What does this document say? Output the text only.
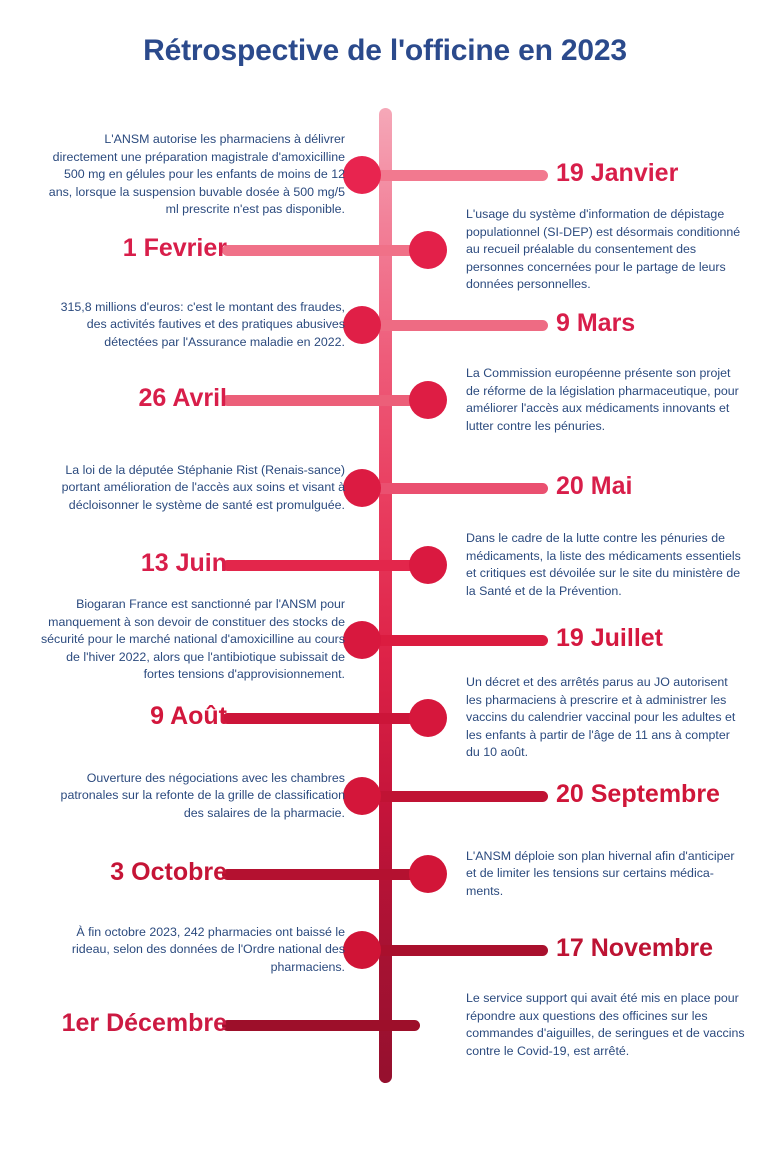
Rétrospective de l'officine en 2023
19 Janvier
L'ANSM autorise les pharmaciens à délivrer directement une préparation magistrale d'amoxicilline 500 mg en gélules pour les enfants de moins de 12 ans, lorsque la suspension buvable dosée à 500 mg/5 ml prescrite n'est pas disponible.
1 Fevrier
L'usage du système d'information de dépistage populationnel (SI-DEP) est désormais conditionné au recueil préalable du consentement des personnes concernées pour le partage de leurs données personnelles.
9 Mars
315,8 millions d'euros: c'est le montant des fraudes, des activités fautives et des pratiques abusives détectées par l'Assurance maladie en 2022.
26 Avril
La Commission européenne présente son projet de réforme de la législation pharmaceutique, pour améliorer l'accès aux médicaments innovants et lutter contre les pénuries.
20 Mai
La loi de la députée Stéphanie Rist (Renais-sance) portant amélioration de l'accès aux soins et visant à décloisonner le système de santé est promulguée.
13 Juin
Dans le cadre de la lutte contre les pénuries de médicaments, la liste des médicaments essentiels et critiques est dévoilée sur le site du ministère de la Santé et de la Prévention.
19 Juillet
Biogaran France est sanctionné par l'ANSM pour manquement à son devoir de constituer des stocks de sécurité pour le marché national d'amoxicilline au cours de l'hiver 2022, alors que l'antibiotique subissait de fortes tensions d'approvisionnement.
9 Août
Un décret et des arrêtés parus au JO autorisent les pharmaciens à prescrire et à administrer les vaccins du calendrier vaccinal pour les adultes et les enfants à partir de l'âge de 11 ans à compter du 10 août.
20 Septembre
Ouverture des négociations avec les chambres patronales sur la refonte de la grille de classification des salaires de la pharmacie.
3 Octobre
L'ANSM déploie son plan hivernal afin d'anticiper et de limiter les tensions sur certains médica-ments.
17 Novembre
À fin octobre 2023, 242 pharmacies ont baissé le rideau, selon des données de l'Ordre national des pharmaciens.
1er Décembre
Le service support qui avait été mis en place pour répondre aux questions des officines sur les commandes d'aiguilles, de seringues et de vaccins contre le Covid-19, est arrêté.
